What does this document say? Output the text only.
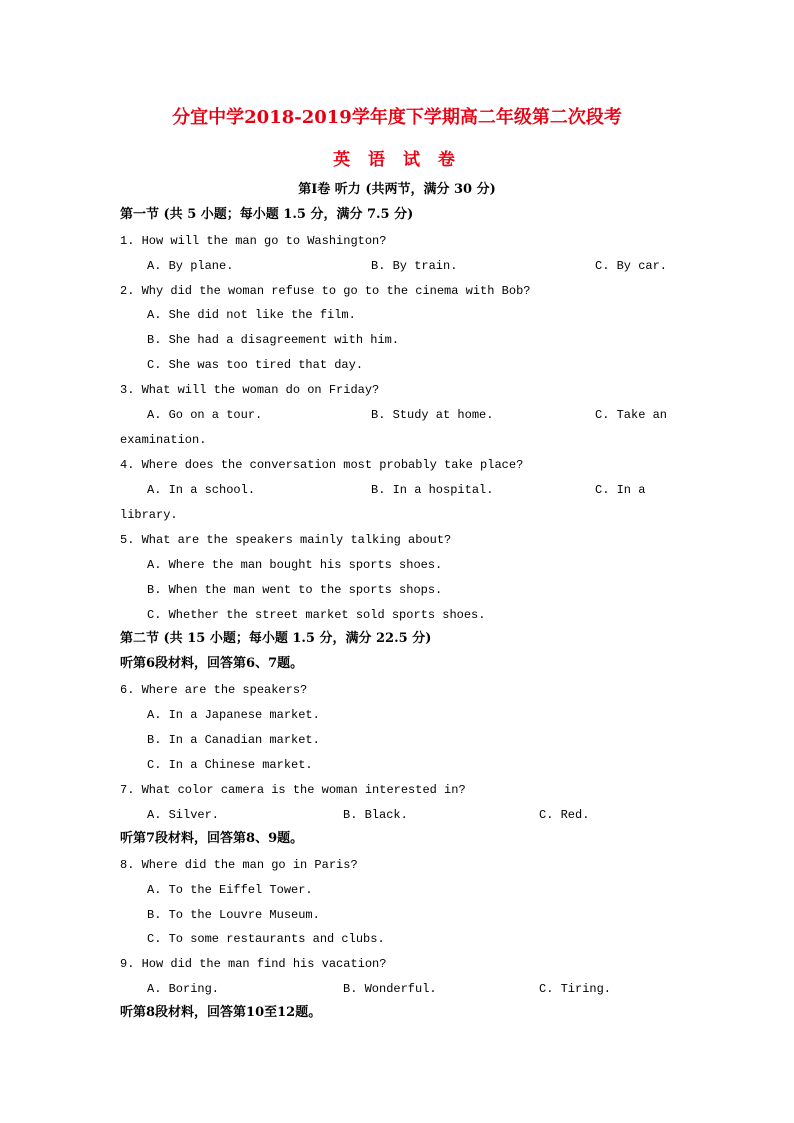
分宜中学2018-2019学年度下学期高二年级第二次段考
英 语 试 卷
第I卷 听力 (共两节，满分 30 分)
第一节 (共 5 小题；每小题 1.5 分，满分 7.5 分)
1. How will the man go to Washington?
A. By plane.	B. By train.	C. By car.
2. Why did the woman refuse to go to the cinema with Bob?
A. She did not like the film.
B. She had a disagreement with him.
C. She was too tired that day.
3. What will the woman do on Friday?
A. Go on a tour.	B. Study at home.	C. Take an
examination.
4. Where does the conversation most probably take place?
A. In a school.	B. In a hospital.	C. In a
library.
5. What are the speakers mainly talking about?
A. Where the man bought his sports shoes.
B. When the man went to the sports shops.
C. Whether the street market sold sports shoes.
第二节 (共 15 小题；每小题 1.5 分，满分 22.5 分)
听第6段材料，回答第6、7题。
6. Where are the speakers?
A. In a Japanese market.
B. In a Canadian market.
C. In a Chinese market.
7. What color camera is the woman interested in?
A. Silver.	B. Black.	C. Red.
听第7段材料，回答第8、9题。
8. Where did the man go in Paris?
A. To the Eiffel Tower.
B. To the Louvre Museum.
C. To some restaurants and clubs.
9. How did the man find his vacation?
A. Boring.	B. Wonderful.	C. Tiring.
听第8段材料，回答第10至12题。
